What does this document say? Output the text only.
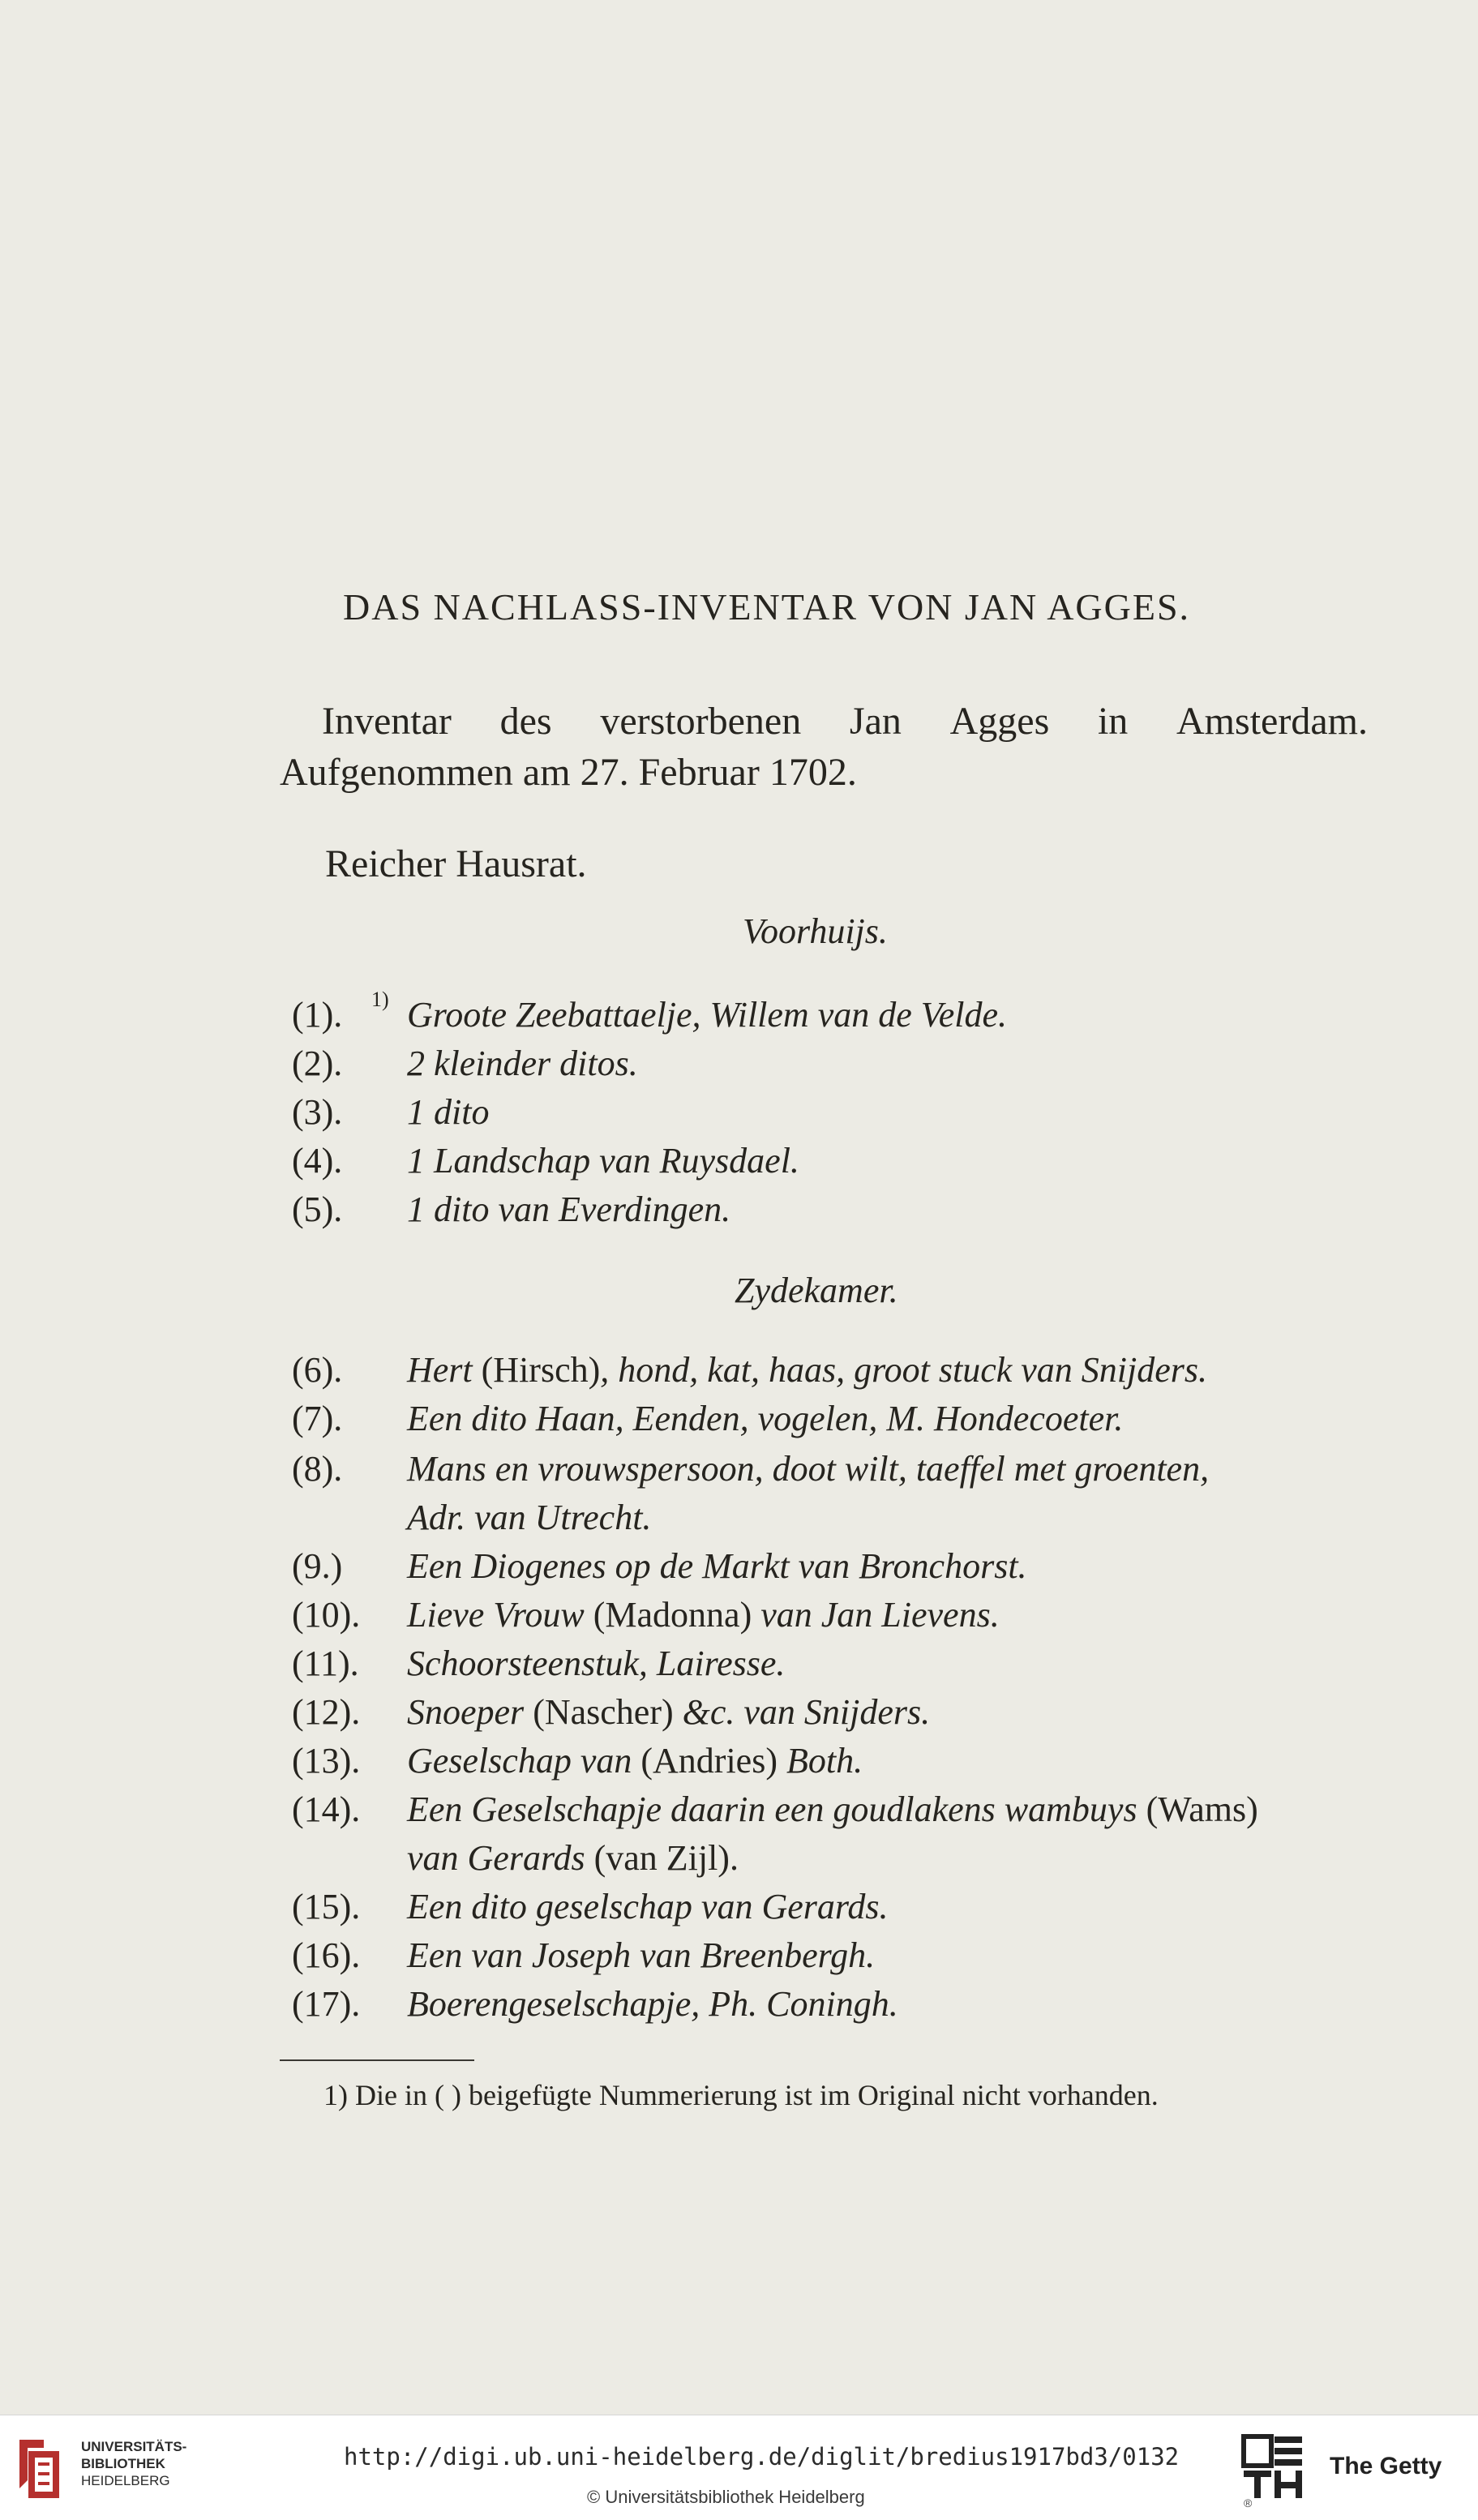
DAS NACHLASS-INVENTAR VON JAN AGGES.
Inventar des verstorbenen Jan Agges in Amsterdam.
Aufgenommen am 27. Februar 1702.
Reicher Hausrat.
Voorhuijs.
(1). 1) Groote Zeebattaelje, Willem van de Velde.
(2). 2 kleinder ditos.
(3). 1 dito
(4). 1 Landschap van Ruysdael.
(5). 1 dito van Everdingen.
Zydekamer.
(6). Hert (Hirsch), hond, kat, haas, groot stuck van Snijders.
(7). Een dito Haan, Eenden, vogelen, M. Hondecoeter.
(8). Mans en vrouwspersoon, doot wilt, taeffel met groenten,
Adr. van Utrecht.
(9.) Een Diogenes op de Markt van Bronchorst.
(10). Lieve Vrouw (Madonna) van Jan Lievens.
(11). Schoorsteenstuk, Lairesse.
(12). Snoeper (Nascher) &c. van Snijders.
(13). Geselschap van (Andries) Both.
(14). Een Geselschapje daarin een goudlakens wambuys (Wams)
van Gerards (van Zijl).
(15). Een dito geselschap van Gerards.
(16). Een van Joseph van Breenbergh.
(17). Boerengeselschapje, Ph. Coningh.
1) Die in ( ) beigefügte Nummerierung ist im Original nicht vorhanden.
UNIVERSITÄTS-
BIBLIOTHEK
HEIDELBERG
http://digi.ub.uni-heidelberg.de/diglit/bredius1917bd3/0132
© Universitätsbibliothek Heidelberg	®
The Getty
